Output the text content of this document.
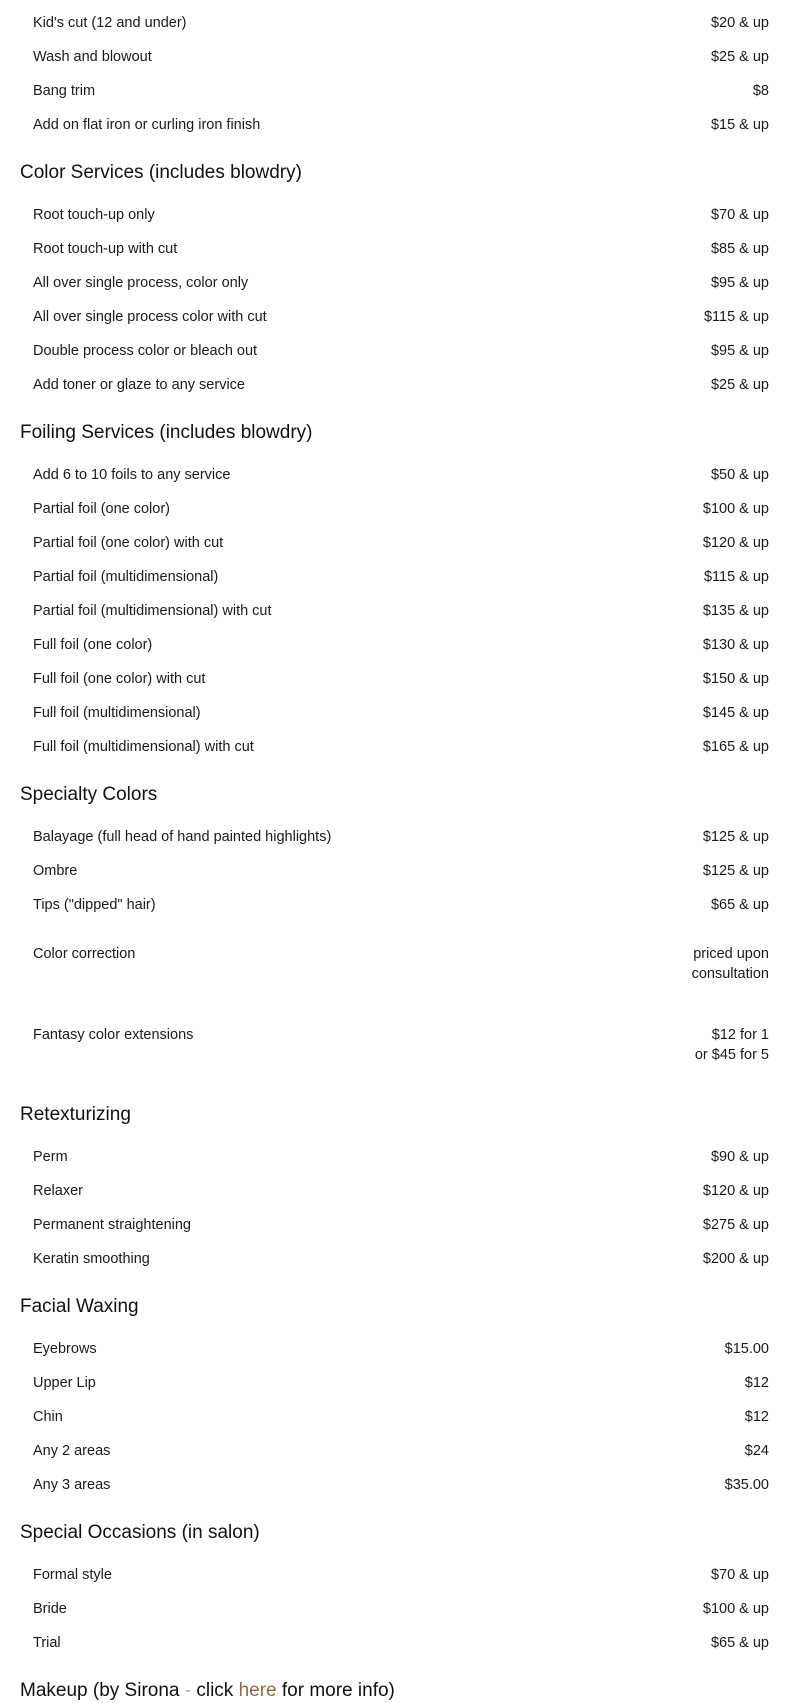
Kid's cut (12 and under)	$20 & up
Wash and blowout	$25 & up
Bang trim	$8
Add on flat iron or curling iron finish	$15 & up
Color Services (includes blowdry)
Root touch-up only	$70 & up
Root touch-up with cut	$85 & up
All over single process, color only	$95 & up
All over single process color with cut	$115 & up
Double process color or bleach out	$95 & up
Add toner or glaze to any service	$25 & up
Foiling Services (includes blowdry)
Add 6 to 10 foils to any service	$50 & up
Partial foil (one color)	$100 & up
Partial foil (one color) with cut	$120 & up
Partial foil (multidimensional)	$115 & up
Partial foil (multidimensional) with cut	$135 & up
Full foil (one color)	$130 & up
Full foil (one color) with cut	$150 & up
Full foil (multidimensional)	$145 & up
Full foil (multidimensional) with cut	$165 & up
Specialty Colors
Balayage (full head of hand painted highlights)	$125 & up
Ombre	$125 & up
Tips ("dipped" hair)	$65 & up
Color correction	priced upon
consultation
Fantasy color extensions	$12 for 1
or $45 for 5
Retexturizing
Perm	$90 & up
Relaxer	$120 & up
Permanent straightening	$275 & up
Keratin smoothing	$200 & up
Facial Waxing
Eyebrows	$15.00
Upper Lip	$12
Chin	$12
Any 2 areas	$24
Any 3 areas	$35.00
Special Occasions (in salon)
Formal style	$70 & up
Bride	$100 & up
Trial	$65 & up
Makeup (by Sirona - click here for more info)
